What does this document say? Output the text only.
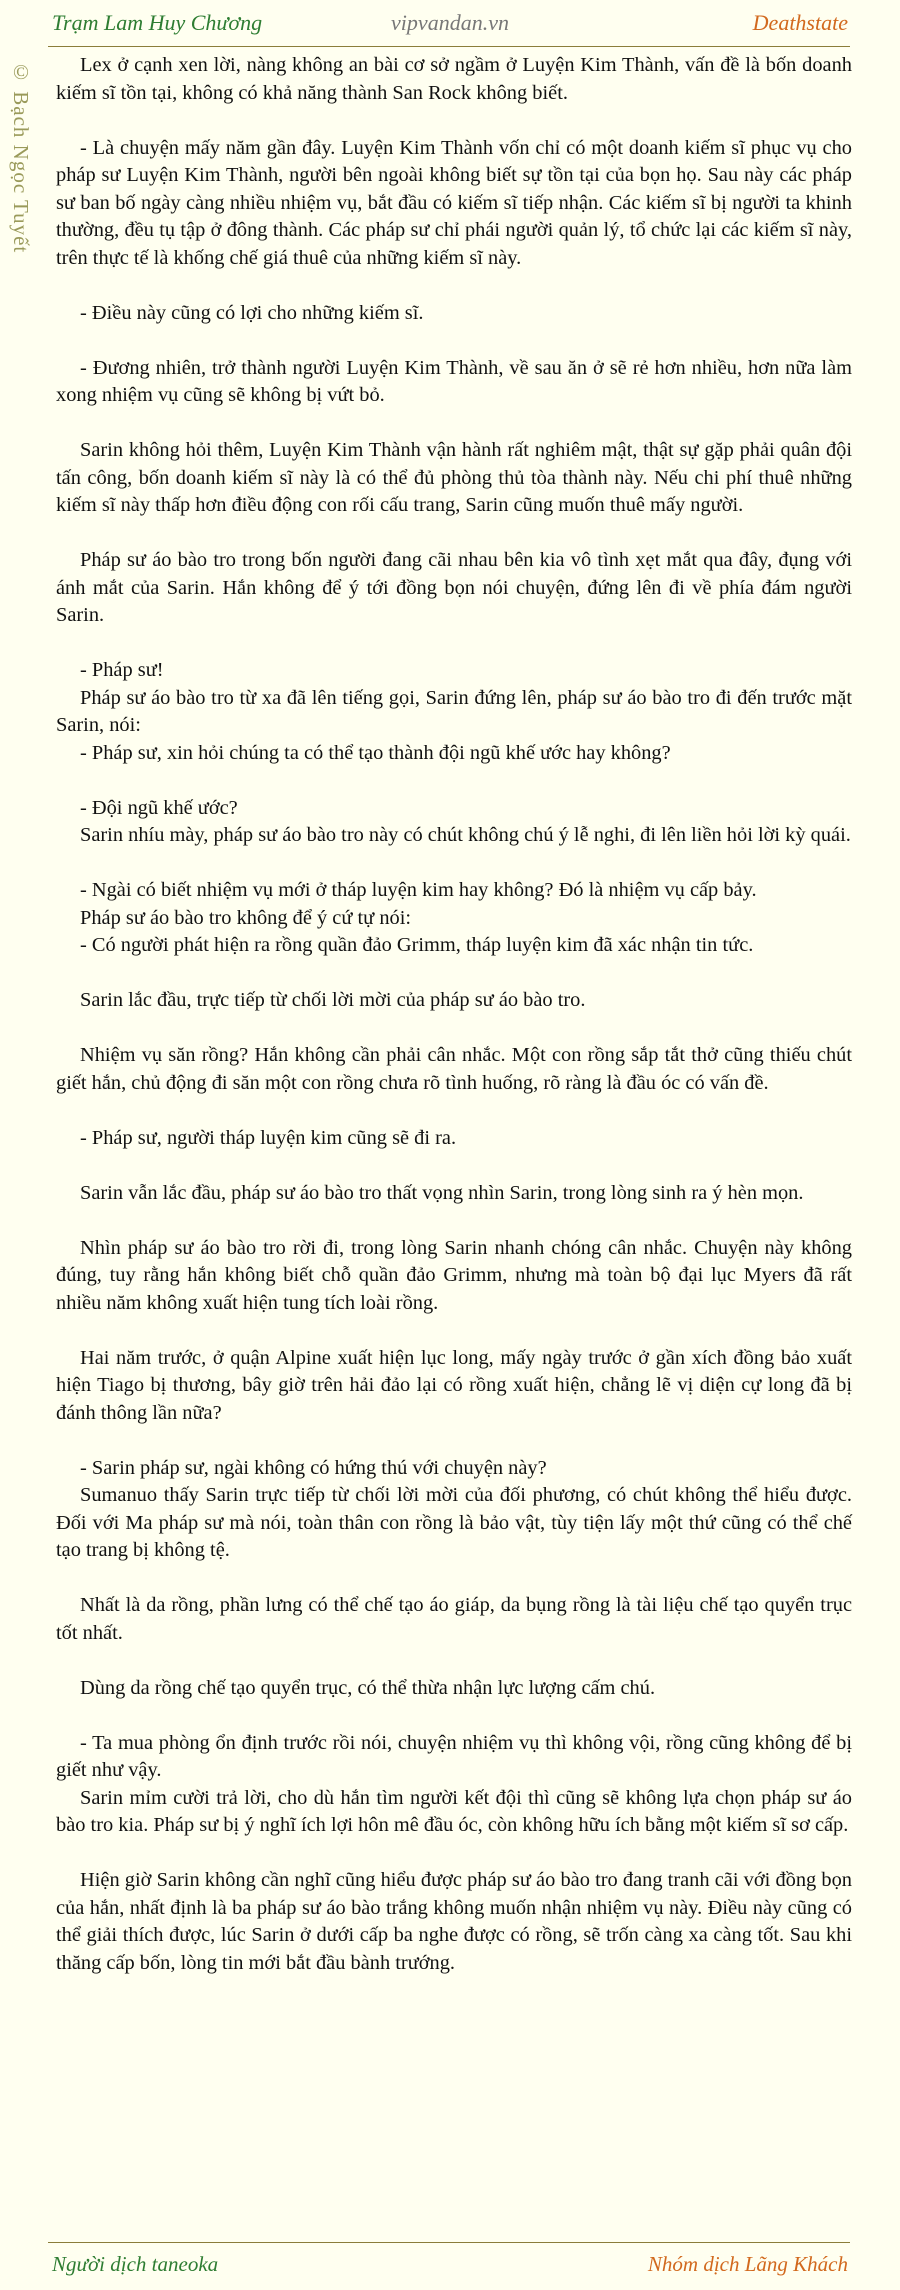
Trạm Lam Huy Chương	vipvandan.vn	Deathstate
© Bạch Ngọc Tuyết	Lex ở cạnh xen lời, nàng không an bài cơ sở ngầm ở Luyện Kim Thành, vấn đề là bốn doanh kiếm sĩ tồn tại, không có khả năng thành San Rock không biết.

- Là chuyện mấy năm gần đây. Luyện Kim Thành vốn chỉ có một doanh kiếm sĩ phục vụ cho pháp sư Luyện Kim Thành, người bên ngoài không biết sự tồn tại của bọn họ. Sau này các pháp sư ban bố ngày càng nhiều nhiệm vụ, bắt đầu có kiếm sĩ tiếp nhận. Các kiếm sĩ bị người ta khinh thường, đều tụ tập ở đông thành. Các pháp sư chỉ phái người quản lý, tổ chức lại các kiếm sĩ này, trên thực tế là khống chế giá thuê của những kiếm sĩ này.

- Điều này cũng có lợi cho những kiếm sĩ.

- Đương nhiên, trở thành người Luyện Kim Thành, về sau ăn ở sẽ rẻ hơn nhiều, hơn nữa làm xong nhiệm vụ cũng sẽ không bị vứt bỏ.

Sarin không hỏi thêm, Luyện Kim Thành vận hành rất nghiêm mật, thật sự gặp phải quân đội tấn công, bốn doanh kiếm sĩ này là có thể đủ phòng thủ tòa thành này. Nếu chi phí thuê những kiếm sĩ này thấp hơn điều động con rối cấu trang, Sarin cũng muốn thuê mấy người.

Pháp sư áo bào tro trong bốn người đang cãi nhau bên kia vô tình xẹt mắt qua đây, đụng với ánh mắt của Sarin. Hắn không để ý tới đồng bọn nói chuyện, đứng lên đi về phía đám người Sarin.

- Pháp sư!

Pháp sư áo bào tro từ xa đã lên tiếng gọi, Sarin đứng lên, pháp sư áo bào tro đi đến trước mặt Sarin, nói:

- Pháp sư, xin hỏi chúng ta có thể tạo thành đội ngũ khế ước hay không?

- Đội ngũ khế ước?

Sarin nhíu mày, pháp sư áo bào tro này có chút không chú ý lễ nghi, đi lên liền hỏi lời kỳ quái.

- Ngài có biết nhiệm vụ mới ở tháp luyện kim hay không? Đó là nhiệm vụ cấp bảy.

Pháp sư áo bào tro không để ý cứ tự nói:

- Có người phát hiện ra rồng quần đảo Grimm, tháp luyện kim đã xác nhận tin tức.

Sarin lắc đầu, trực tiếp từ chối lời mời của pháp sư áo bào tro.

Nhiệm vụ săn rồng? Hắn không cần phải cân nhắc. Một con rồng sắp tắt thở cũng thiếu chút giết hắn, chủ động đi săn một con rồng chưa rõ tình huống, rõ ràng là đầu óc có vấn đề.

- Pháp sư, người tháp luyện kim cũng sẽ đi ra.

Sarin vẫn lắc đầu, pháp sư áo bào tro thất vọng nhìn Sarin, trong lòng sinh ra ý hèn mọn.

Nhìn pháp sư áo bào tro rời đi, trong lòng Sarin nhanh chóng cân nhắc. Chuyện này không đúng, tuy rằng hắn không biết chỗ quần đảo Grimm, nhưng mà toàn bộ đại lục Myers đã rất nhiều năm không xuất hiện tung tích loài rồng.

Hai năm trước, ở quận Alpine xuất hiện lục long, mấy ngày trước ở gần xích đồng bảo xuất hiện Tiago bị thương, bây giờ trên hải đảo lại có rồng xuất hiện, chẳng lẽ vị diện cự long đã bị đánh thông lần nữa?

- Sarin pháp sư, ngài không có hứng thú với chuyện này?

Sumanuo thấy Sarin trực tiếp từ chối lời mời của đối phương, có chút không thể hiểu được. Đối với Ma pháp sư mà nói, toàn thân con rồng là bảo vật, tùy tiện lấy một thứ cũng có thể chế tạo trang bị không tệ.

Nhất là da rồng, phần lưng có thể chế tạo áo giáp, da bụng rồng là tài liệu chế tạo quyển trục tốt nhất.

Dùng da rồng chế tạo quyển trục, có thể thừa nhận lực lượng cấm chú.

- Ta mua phòng ổn định trước rồi nói, chuyện nhiệm vụ thì không vội, rồng cũng không để bị giết như vậy.

Sarin mỉm cười trả lời, cho dù hắn tìm người kết đội thì cũng sẽ không lựa chọn pháp sư áo bào tro kia. Pháp sư bị ý nghĩ ích lợi hôn mê đầu óc, còn không hữu ích bằng một kiếm sĩ sơ cấp.

Hiện giờ Sarin không cần nghĩ cũng hiểu được pháp sư áo bào tro đang tranh cãi với đồng bọn của hắn, nhất định là ba pháp sư áo bào trắng không muốn nhận nhiệm vụ này. Điều này cũng có thể giải thích được, lúc Sarin ở dưới cấp ba nghe được có rồng, sẽ trốn càng xa càng tốt. Sau khi thăng cấp bốn, lòng tin mới bắt đầu bành trướng.

Người dịch taneoka	Nhóm dịch Lãng Khách
